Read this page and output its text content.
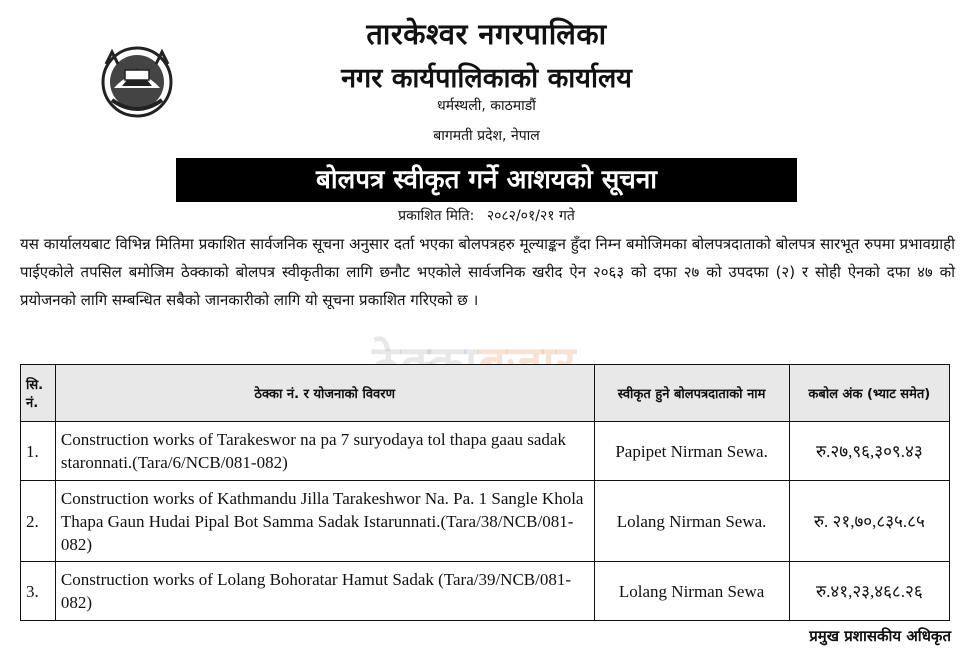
तारकेश्वर नगरपालिका
नगर कार्यपालिकाको कार्यालय
धर्मस्थली, काठमाडौं
बागमती प्रदेश, नेपाल
बोलपत्र स्वीकृत गर्ने आशयको सूचना
प्रकाशित मिति: २०८२/०१/२१ गते
यस कार्यालयबाट विभिन्न मितिमा प्रकाशित सार्वजनिक सूचना अनुसार दर्ता भएका बोलपत्रहरु मूल्याङ्कन हुँदा निम्न बमोजिमका बोलपत्रदाताको बोलपत्र सारभूत रुपमा प्रभावग्राही पाईएकोले तपसिल बमोजिम ठेक्काको बोलपत्र स्वीकृतीका लागि छनौट भएकोले सार्वजनिक खरीद ऐन २०६३ को दफा २७ को उपदफा (२) र सोही ऐनको दफा ४७ को प्रयोजनको लागि सम्बन्धित सबैको जानकारीको लागि यो सूचना प्रकाशित गरिएको छ ।
सि. नं.	ठेक्का नं. र योजनाको विवरण	स्वीकृत हुने बोलपत्रदाताको नाम	कबोल अंक (भ्याट समेत)
1.	Construction works of Tarakeswor na pa 7 suryodaya tol thapa gaau sadak staronnati.(Tara/6/NCB/081-082)	Papipet Nirman Sewa.	रु.२७,९६,३०९.४३
2.	Construction works of Kathmandu Jilla Tarakeshwor Na. Pa. 1 Sangle Khola Thapa Gaun Hudai Pipal Bot Samma Sadak Istarunnati.(Tara/38/NCB/081-082)	Lolang Nirman Sewa.	रु. २१,७०,८३५.८५
3.	Construction works of Lolang Bohoratar Hamut Sadak (Tara/39/NCB/081-082)	Lolang Nirman Sewa	रु.४१,२३,४६८.२६
प्रमुख प्रशासकीय अधिकृत
